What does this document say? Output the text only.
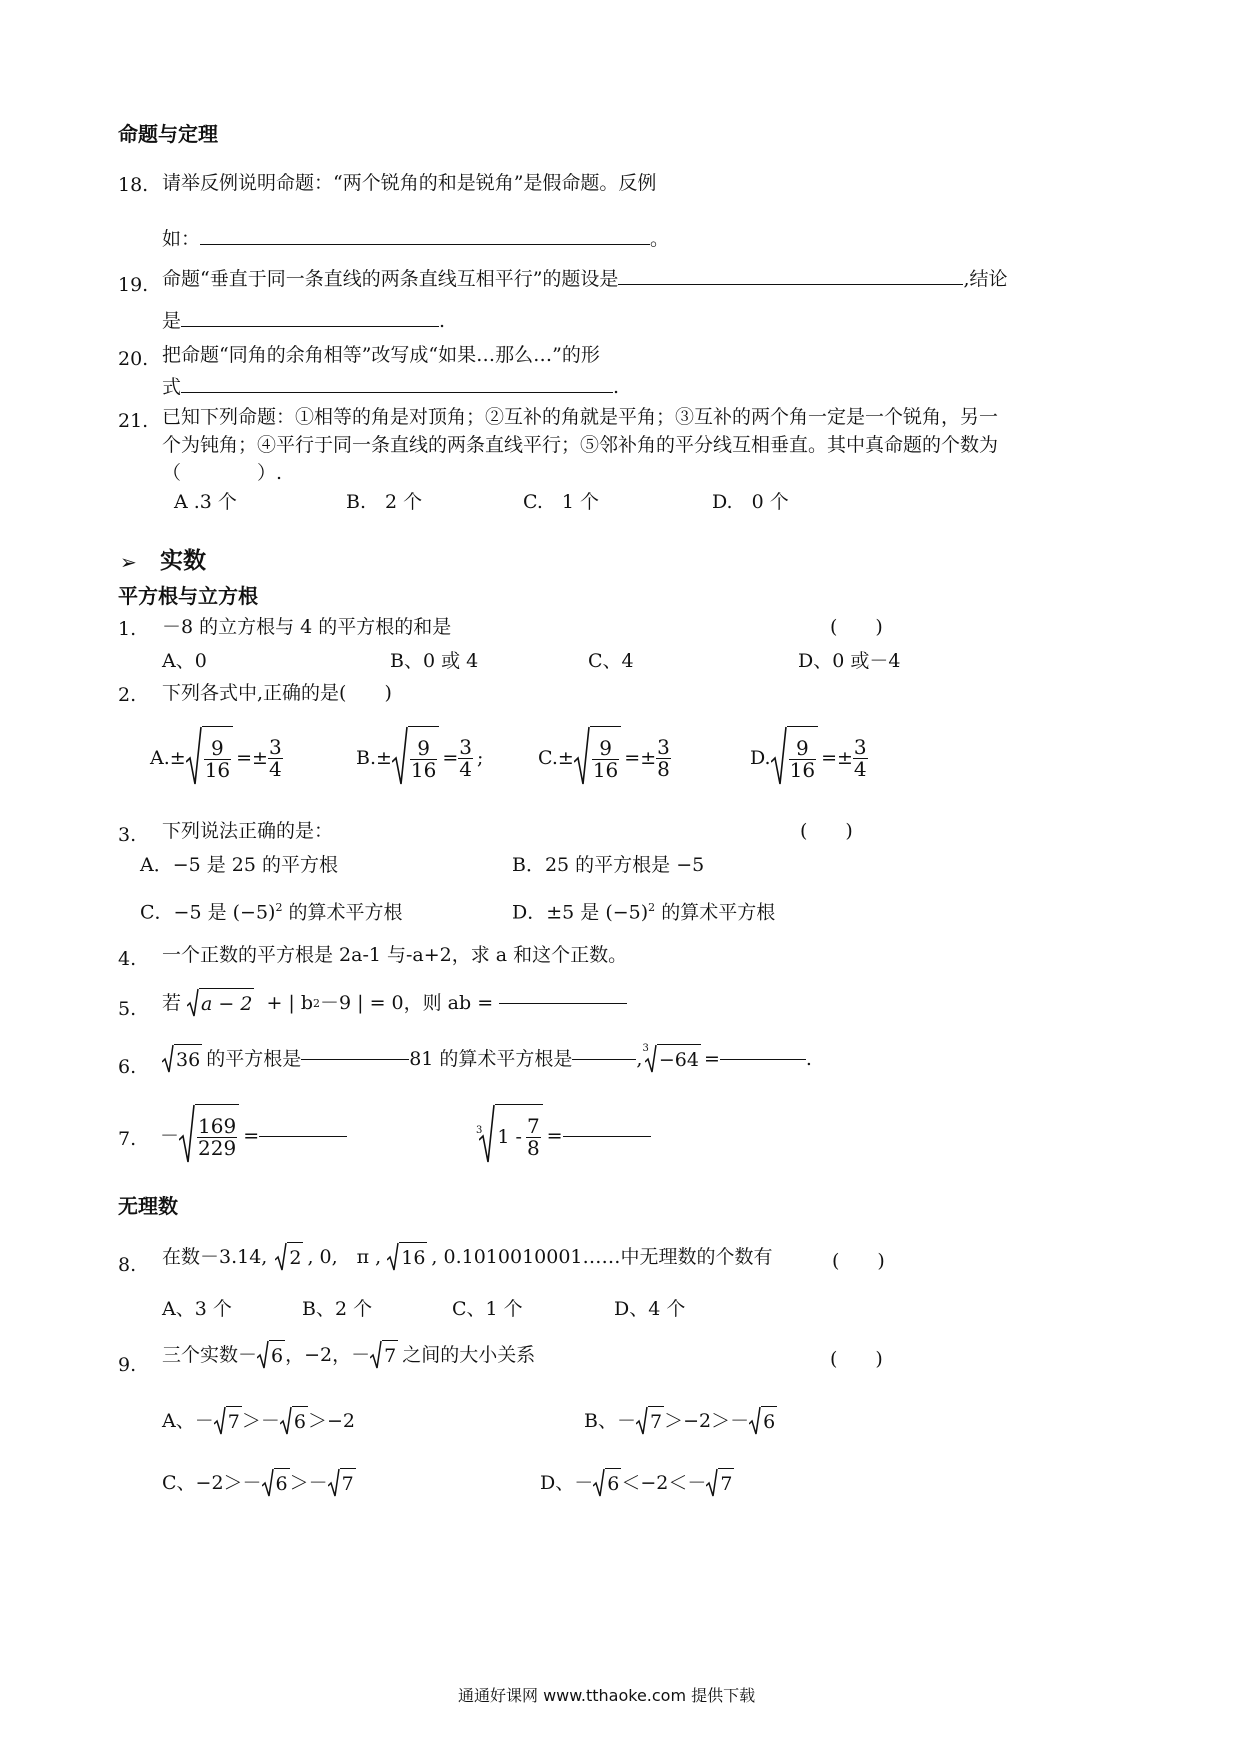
命题与定理
18. 请举反例说明命题：“两个锐角的和是锐角”是假命题。反例
如：	。
19. 命题“垂直于同一条直线的两条直线互相平行”的题设是	,结论
是	.
20. 把命题“同角的余角相等”改写成“如果…那么…”的形
式	.
21. 已知下列命题：①相等的角是对顶角；②互补的角就是平角；③互补的两个角一定是一个锐角，另一
个为钝角；④平行于同一条直线的两条直线平行；⑤邻补角的平分线互相垂直。其中真命题的个数为
（　　　　）.
A .3 个	B.　2 个	C.　1 个	D.　0 个
➢ 实数
平方根与立方根
1. －8 的立方根与 4 的平方根的和是	(　　)
A、0	B、0 或 4	C、4	D、0 或－4
2. 下列各式中,正确的是(　　)
$A.\pm \frac{9}{16} =\pm \frac{3}{4}$	$B.\pm \frac{9}{16} = \frac{3}{4}$ ;	$C.\pm \frac{9}{16} =\pm \frac{3}{8}$	D. $\frac{9}{16} =\pm \frac{3}{4}$
3. 下列说法正确的是：	(　　)
A．−5 是 25 的平方根	B．25 的平方根是 −5
C．−5 是 $(-5)^2$ 的算术平方根	D．±5 是 $(-5)^2$ 的算术平方根
4. 一个正数的平方根是 2a-1 与-a+2，求 a 和这个正数。
5. 若 a − 2 + | b 2 －9 | = 0，则 ab =
6. 36 的平方根是	81 的算术平方根是	, 3 −64 =	.
7. － $\frac{169}{229}$ =	3 $1 - \frac{7}{8}$ =
无理数
8. 在数－3.14, 2 , 0,　π , 16 , 0.1010010001……中无理数的个数有	(　　)
A、3 个	B、2 个	C、1 个	D、4 个
9. 三个实数－ 6 ，−2，－ 7 之间的大小关系	(　　)
A、－ 7 ＞－ 6 ＞−2	B、－ 7 ＞−2＞－ 6
C、−2＞－ 6 ＞－ 7	D、－ 6 ＜−2＜－ 7
通通好课网 www.tthaoke.com 提供下载
